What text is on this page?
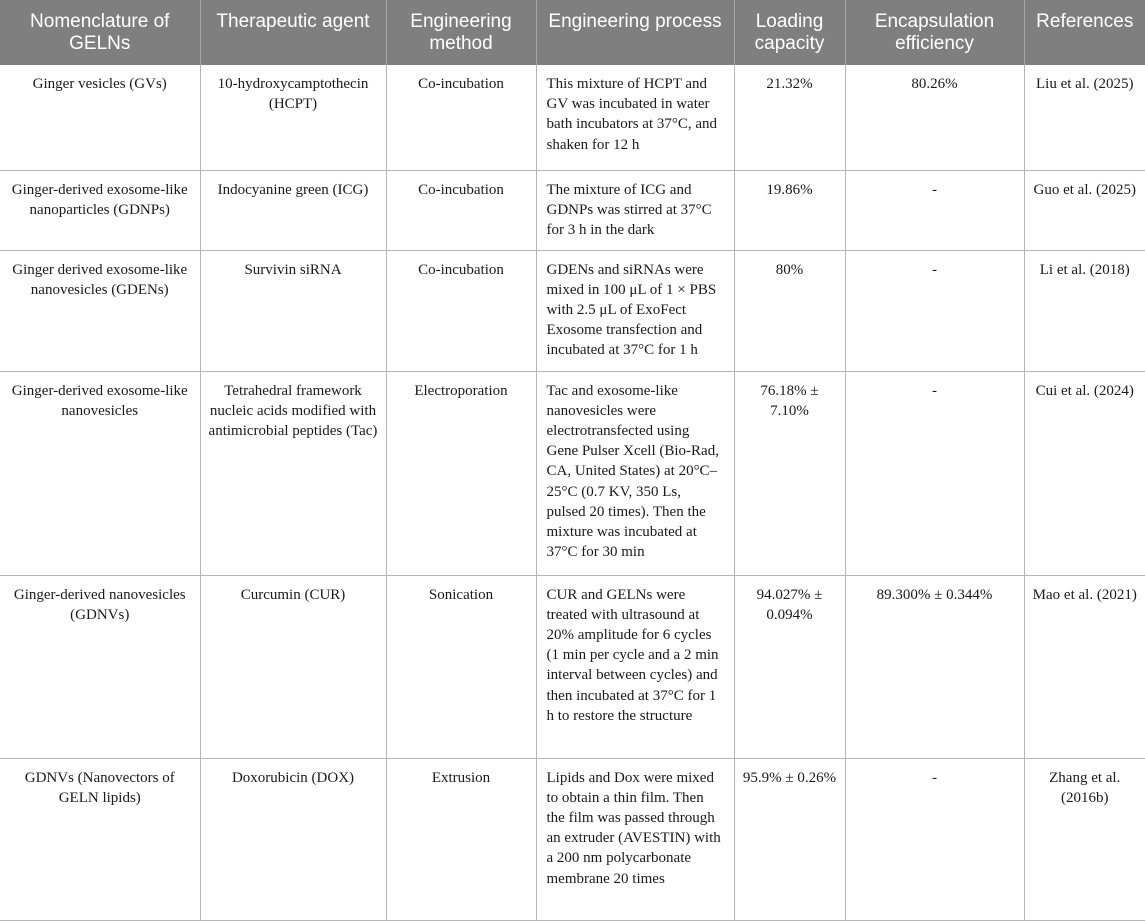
Nomenclature of GELNs	Therapeutic agent	Engineering method	Engineering process	Loading capacity	Encapsulation efficiency	References
Ginger vesicles (GVs)	10-hydroxycamptothecin (HCPT)	Co-incubation	This mixture of HCPT and GV was incubated in water bath incubators at 37°C, and shaken for 12 h	21.32%	80.26%	Liu et al. (2025)
Ginger-derived exosome-like nanoparticles (GDNPs)	Indocyanine green (ICG)	Co-incubation	The mixture of ICG and GDNPs was stirred at 37°C for 3 h in the dark	19.86%	-	Guo et al. (2025)
Ginger derived exosome-like nanovesicles (GDENs)	Survivin siRNA	Co-incubation	GDENs and siRNAs were mixed in 100 μL of 1 × PBS with 2.5 μL of ExoFect Exosome transfection and incubated at 37°C for 1 h	80%	-	Li et al. (2018)
Ginger-derived exosome-like nanovesicles	Tetrahedral framework nucleic acids modified with antimicrobial peptides (Tac)	Electroporation	Tac and exosome-like nanovesicles were electrotransfected using Gene Pulser Xcell (Bio-Rad, CA, United States) at 20°C–25°C (0.7 KV, 350 Ls, pulsed 20 times). Then the mixture was incubated at 37°C for 30 min	76.18% ± 7.10%	-	Cui et al. (2024)
Ginger-derived nanovesicles (GDNVs)	Curcumin (CUR)	Sonication	CUR and GELNs were treated with ultrasound at 20% amplitude for 6 cycles (1 min per cycle and a 2 min interval between cycles) and then incubated at 37°C for 1 h to restore the structure	94.027% ± 0.094%	89.300% ± 0.344%	Mao et al. (2021)
GDNVs (Nanovectors of GELN lipids)	Doxorubicin (DOX)	Extrusion	Lipids and Dox were mixed to obtain a thin film. Then the film was passed through an extruder (AVESTIN) with a 200 nm polycarbonate membrane 20 times	95.9% ± 0.26%	-	Zhang et al. (2016b)
